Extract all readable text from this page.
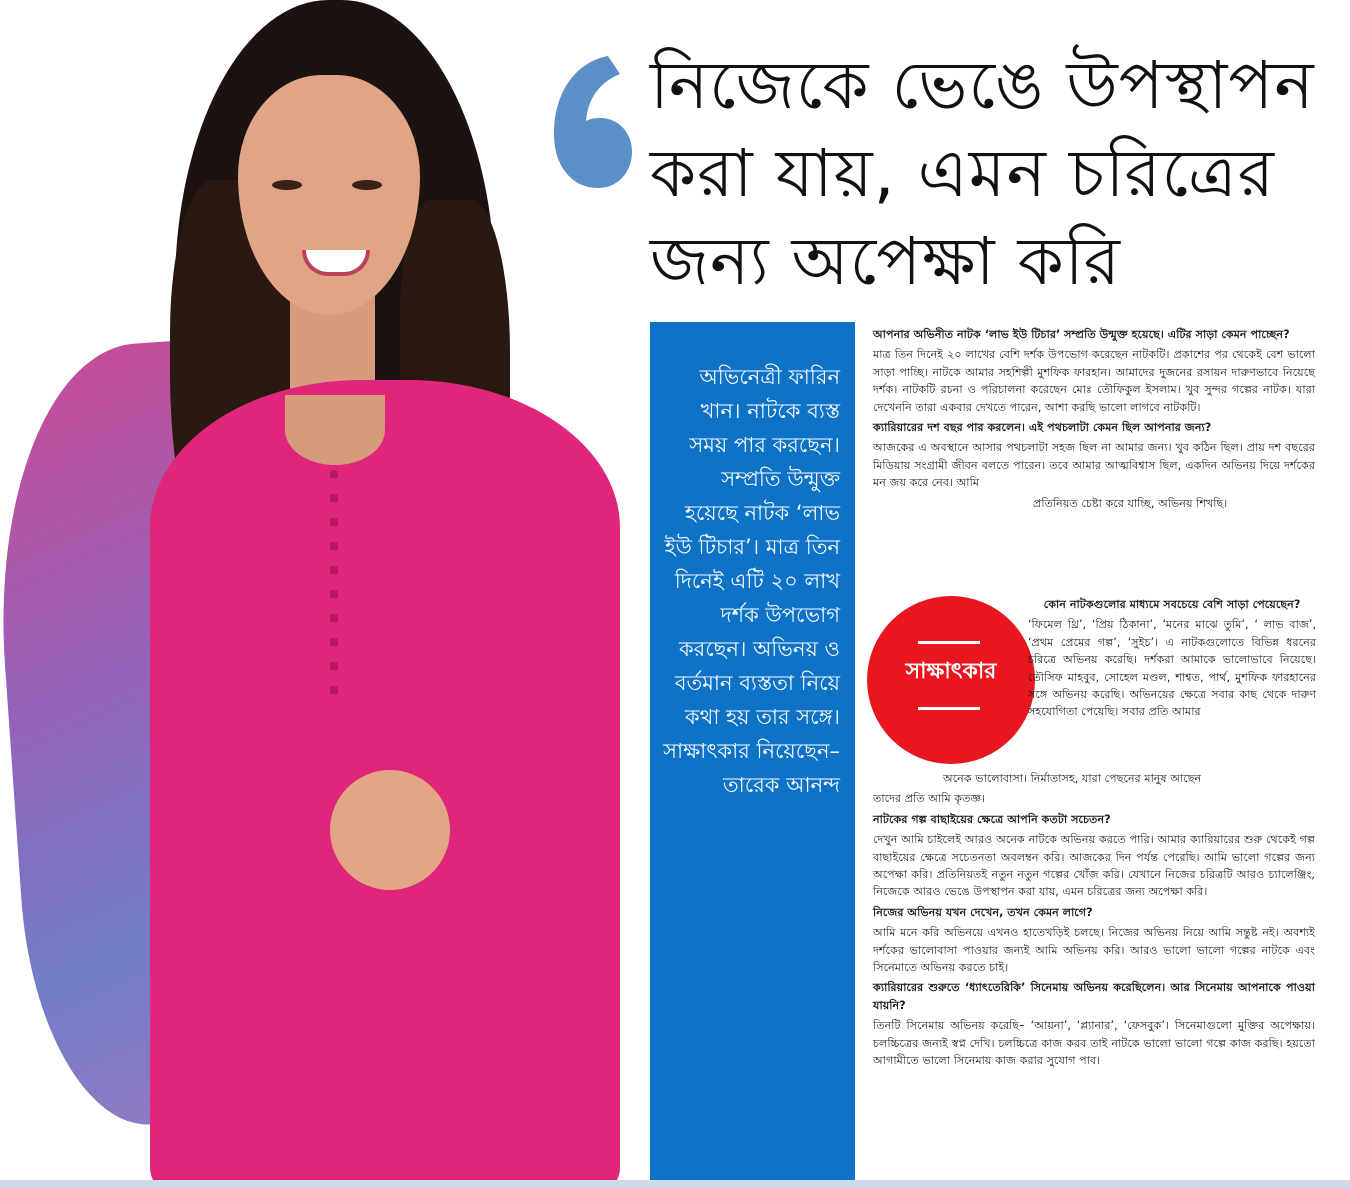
নিজেকে ভেঙে উপস্থাপন
করা যায়, এমন চরিত্রের
জন্য অপেক্ষা করি

অভিনেত্রী ফারিন খান। নাটকে ব্যস্ত সময় পার করছেন। সম্প্রতি উন্মুক্ত হয়েছে নাটক ‘লাভ ইউ টিচার’। মাত্র তিন দিনেই এটি ২০ লাখ দর্শক উপভোগ করছেন। অভিনয় ও বর্তমান ব্যস্ততা নিয়ে কথা হয় তার সঙ্গে। সাক্ষাৎকার নিয়েছেন– তারেক আনন্দ

আপনার অভিনীত নাটক ‘লাভ ইউ টিচার’ সম্প্রতি উন্মুক্ত হয়েছে। এটির সাড়া কেমন পাচ্ছেন?

মাত্র তিন দিনেই ২০ লাখের বেশি দর্শক উপভোগ করেছেন নাটকটি। প্রকাশের পর থেকেই বেশ ভালো সাড়া পাচ্ছি। নাটকে আমার সহশিল্পী মুশফিক ফারহান। আমাদের দুজনের রসায়ন দারুণভাবে নিয়েছে দর্শক। নাটকটি রচনা ও পরিচালনা করেছেন মোঃ তৌফিকুল ইসলাম। খুব সুন্দর গল্পের নাটক। যারা দেখেননি তারা একবার দেখতে পারেন, আশা করছি ভালো লাগবে নাটকটি।

ক্যারিয়ারের দশ বছর পার করলেন। এই পথচলাটা কেমন ছিল আপনার জন্য?

আজকের এ অবস্থানে আসার পথচলাটা সহজ ছিল না আমার জন্য। খুব কঠিন ছিল। প্রায় দশ বছরের মিডিয়ায় সংগ্রামী জীবন বলতে পারেন। তবে আমার আত্মবিশ্বাস ছিল, একদিন অভিনয় দিয়ে দর্শকের মন জয় করে নেব। আমি

প্রতিনিয়ত চেষ্টা করে যাচ্ছি, অভিনয় শিখছি।

সাক্ষাৎকার

কোন নাটকগুলোর মাধ্যমে সবচেয়ে বেশি সাড়া পেয়েছেন?

‘ফিমেল থ্রি’, ‘প্রিয় ঠিকানা’, ‘মনের মাঝে তুমি’, ‘ লাভ বাজ’, ‘প্রথম প্রেমের গল্প’, ‘সুইচ’। এ নাটকগুলোতে বিভিন্ন ধরনের চরিত্রে অভিনয় করেছি। দর্শকরা আমাকে ভালোভাবে নিয়েছে। তৌসিফ মাহবুব, সোহেল মণ্ডল, শাশ্বত, পার্থ, মুশফিক ফারহানের সঙ্গে অভিনয় করেছি। অভিনয়ের ক্ষেত্রে সবার কাছ থেকে দারুণ সহযোগিতা পেয়েছি। সবার প্রতি আমার

অনেক ভালোবাসা। নির্মাতাসহ, যারা পেছনের মানুষ আছেন

তাদের প্রতি আমি কৃতজ্ঞ।

নাটকের গল্প বাছাইয়ের ক্ষেত্রে আপনি কতটা সচেতন?

দেখুন আমি চাইলেই আরও অনেক নাটকে অভিনয় করতে পারি। আমার ক্যারিয়ারের শুরু থেকেই গল্প বাছাইয়ের ক্ষেত্রে সচেতনতা অবলম্বন করি। আজকের দিন পর্যন্ত পেরেছি। আমি ভালো গল্পের জন্য অপেক্ষা করি। প্রতিনিয়তই নতুন নতুন গল্পের খোঁজ করি। যেখানে নিজের চরিত্রটি আরও চ্যালেঞ্জিং, নিজেকে আরও ভেঙে উপস্থাপন করা যায়, এমন চরিত্রের জন্য অপেক্ষা করি।

নিজের অভিনয় যখন দেখেন, তখন কেমন লাগে?

আমি মনে করি অভিনয়ে এখনও হাতেখড়িই চলছে। নিজের অভিনয় নিয়ে আমি সন্তুষ্ট নই। অবশ্যই দর্শকের ভালোবাসা পাওয়ার জন্যই আমি অভিনয় করি। আরও ভালো ভালো গল্পের নাটকে এবং সিনেমাতে অভিনয় করতে চাই।

ক্যারিয়ারের শুরুতে ‘ধ্যাৎতেরিকি’ সিনেমায় অভিনয় করেছিলেন। আর সিনেমায় আপনাকে পাওয়া যায়নি?

তিনটি সিনেমায় অভিনয় করেছি– ‘আয়না’, ‘প্ল্যানার’, ‘ফেসবুক’। সিনেমাগুলো মুক্তির অপেক্ষায়। চলচ্চিত্রের জন্যই স্বপ্ন দেখি। চলচ্চিত্রে কাজ করব তাই নাটকে ভালো ভালো গল্পে কাজ করছি। হয়তো আগামীতে ভালো সিনেমায় কাজ করার সুযোগ পাব।
